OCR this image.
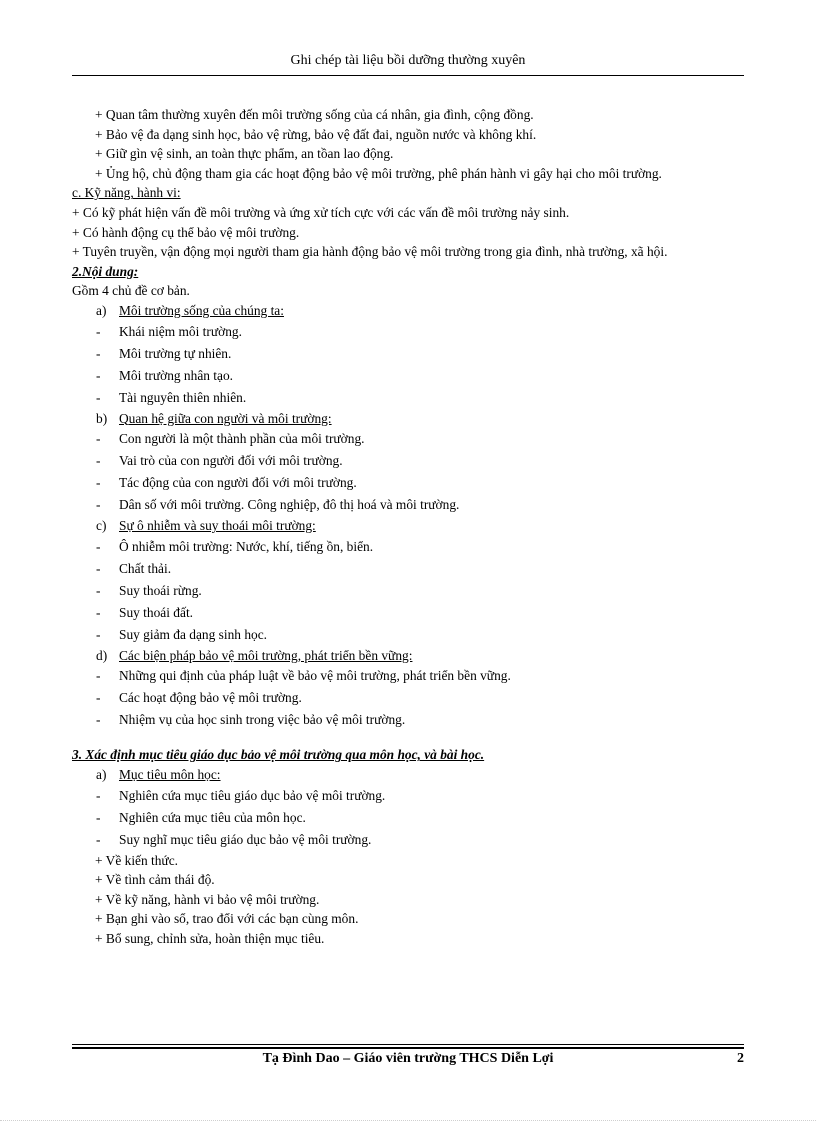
Ghi chép tài liệu bồi dưỡng thường xuyên
+ Quan tâm thường xuyên đến môi trường sống của cá nhân, gia đình, cộng đồng.
+ Bảo vệ đa dạng sinh học, bảo vệ rừng, bảo vệ đất đai, nguồn nước và không khí.
+ Giữ gìn vệ sinh, an toàn thực phẩm, an tồan lao động.
+ Ủng hộ, chủ động tham gia các hoạt động bảo vệ môi trường, phê phán hành vi gây hại cho môi trường.
c. Kỹ năng, hành vi:
+ Có kỹ phát hiện vấn đề môi trường và ứng xử tích cực với các vấn đề môi trường nảy sinh.
+ Có hành động cụ thể bảo vệ môi trường.
+ Tuyên truyền, vận động mọi người tham gia hành động bảo vệ môi trường trong gia đình, nhà trường, xã hội.
2.Nội dung:
Gồm 4 chủ đề cơ bản.
a) Môi trường sống của chúng ta:
-	Khái niệm môi trường.
-	Môi trường tự nhiên.
-	Môi trường nhân tạo.
-	Tài nguyên thiên nhiên.
b) Quan hệ giữa con người và môi trường:
-	Con người là một thành phần của môi trường.
-	Vai trò của con người đối với môi trường.
-	Tác động của con người đối với môi trường.
-	Dân số với môi trường. Công nghiệp, đô thị hoá và môi trường.
c) Sự ô nhiễm và suy thoái môi trường:
-	Ô nhiễm môi trường: Nước, khí, tiếng ồn, biển.
-	Chất thải.
-	Suy thoái rừng.
-	Suy thoái đất.
-	Suy giảm đa dạng sinh học.
d) Các biện pháp bảo vệ môi trường, phát triển bền vững:
-	Những qui định của pháp luật về bảo vệ môi trường, phát triển bền vững.
-	Các hoạt động bảo vệ môi trường.
-	Nhiệm vụ của học sinh trong việc bảo vệ môi trường.
3. Xác định mục tiêu giáo dục bảo vệ môi trường qua môn học, và bài học.
a) Mục tiêu môn học:
-	Nghiên cứa mục tiêu giáo dục bảo vệ môi trường.
-	Nghiên cứa mục tiêu của môn học.
-	Suy nghĩ mục tiêu giáo dục bảo vệ môi trường.
+ Về kiến thức.
+ Về tình cảm thái độ.
+ Về kỹ năng, hành vi bảo vệ môi trường.
+ Bạn ghi vào sổ, trao đổi với các bạn cùng môn.
+ Bổ sung, chỉnh sửa, hoàn thiện mục tiêu.
Tạ Đình Dao – Giáo viên trường THCS Diễn Lợi	2
